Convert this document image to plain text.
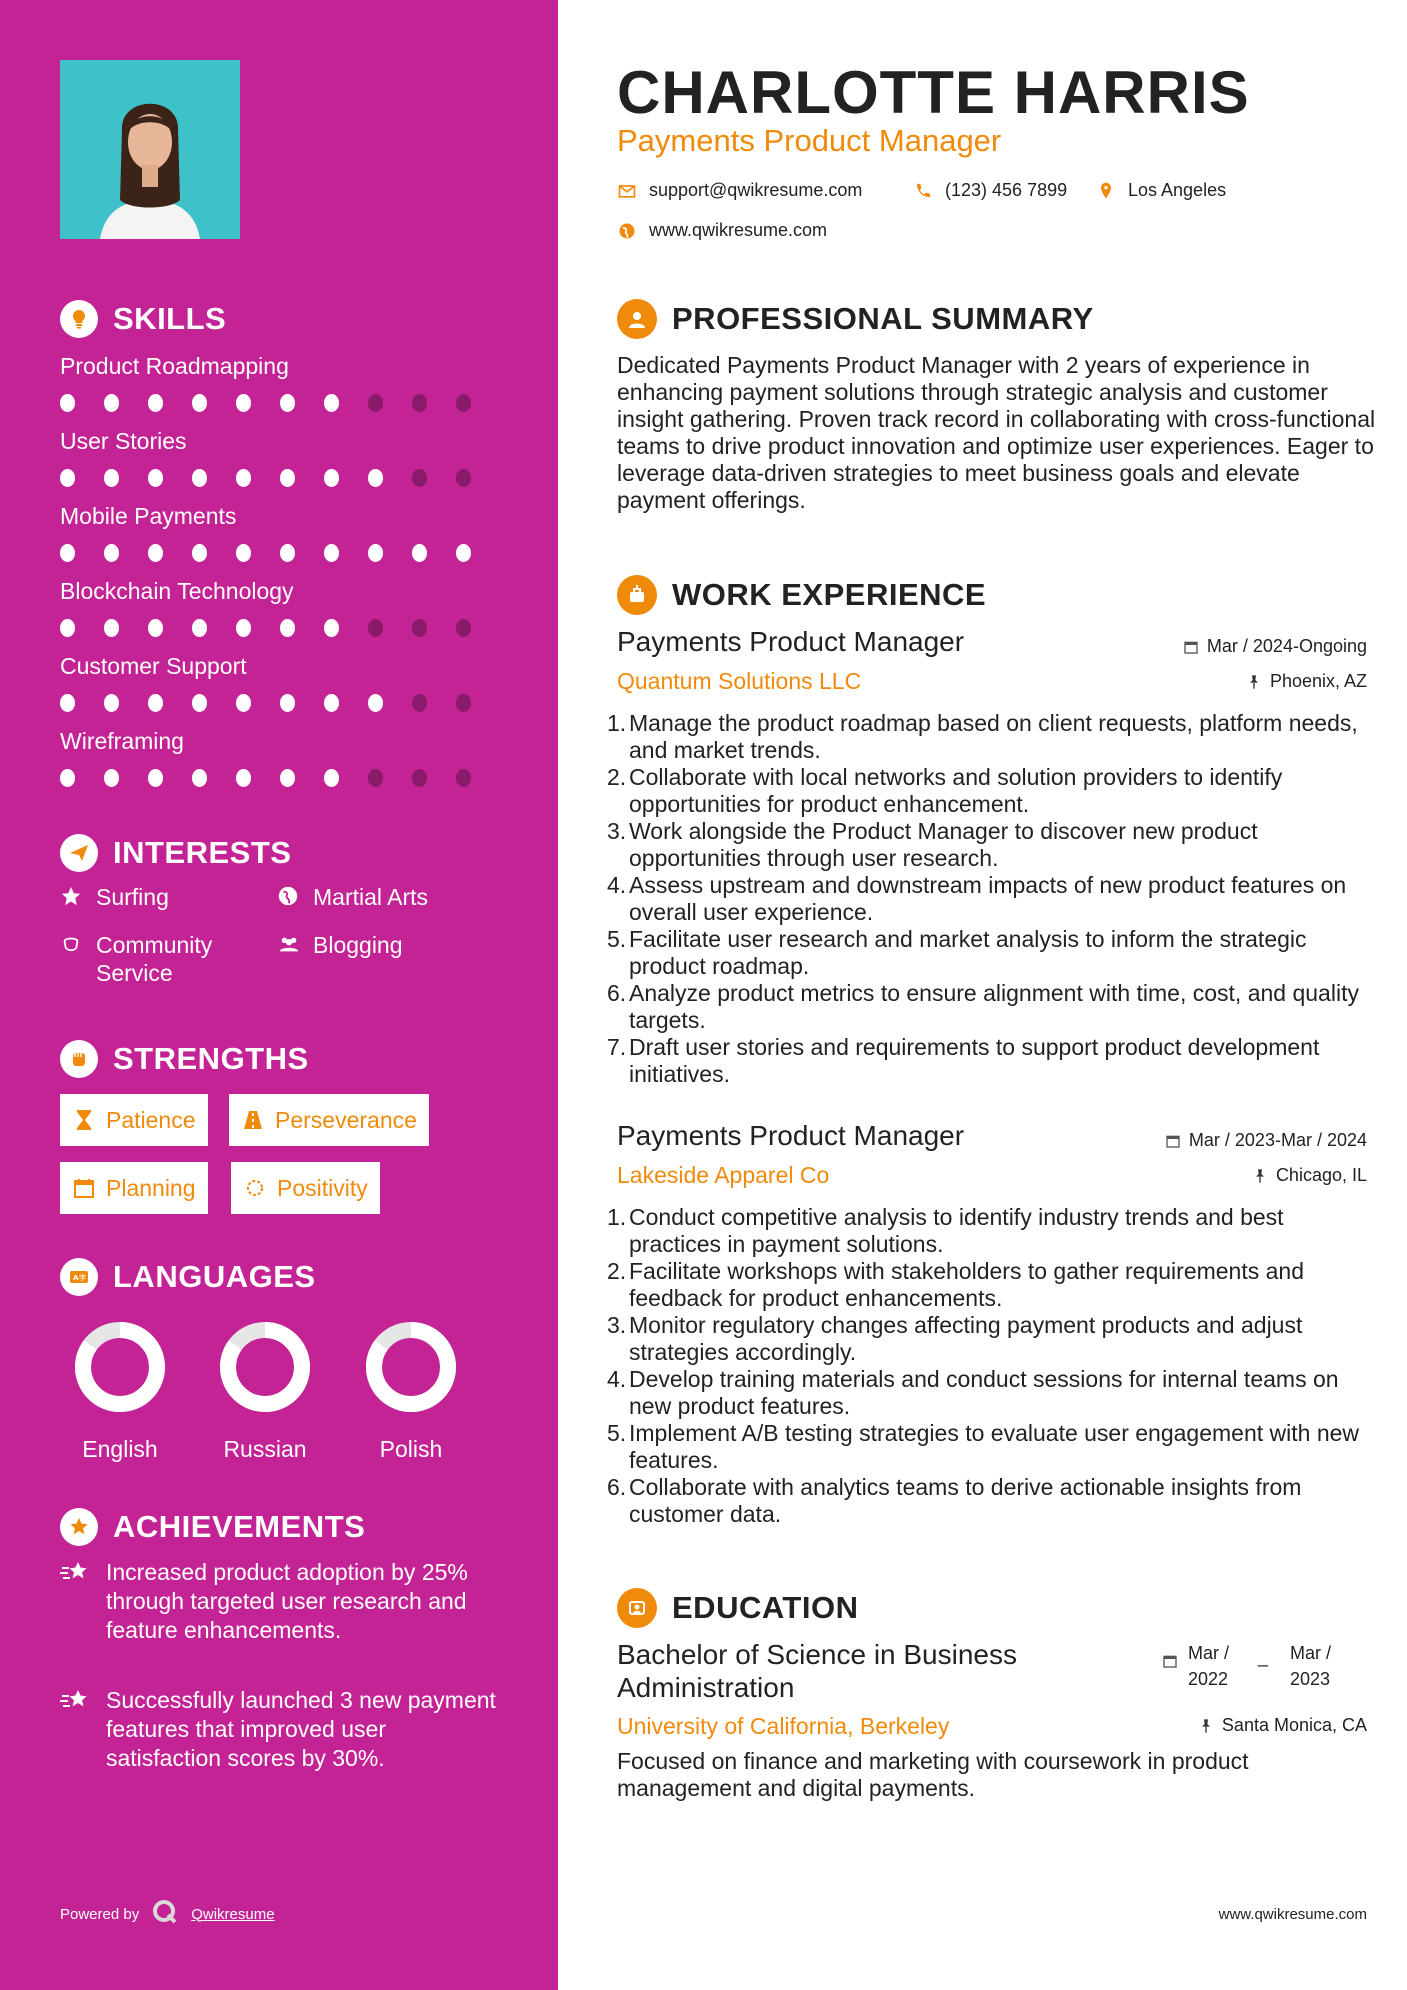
SKILLS
Product Roadmapping
User Stories
Mobile Payments
Blockchain Technology
Customer Support
Wireframing
INTERESTS
Surfing	Martial Arts
Community Service
Blogging
STRENGTHS
Patience	Perseverance
Planning	Positivity
A字 LANGUAGES
English	Russian	Polish
ACHIEVEMENTS
Increased product adoption by 25% through targeted user research and feature enhancements.
Successfully launched 3 new payment features that improved user satisfaction scores by 30%.
Powered by	Qwikresume
CHARLOTTE HARRIS
Payments Product Manager
support@qwikresume.com	(123) 456 7899	Los Angeles
www.qwikresume.com
PROFESSIONAL SUMMARY
Dedicated Payments Product Manager with 2 years of experience in enhancing payment solutions through strategic analysis and customer insight gathering. Proven track record in collaborating with cross-functional teams to drive product innovation and optimize user experiences. Eager to leverage data-driven strategies to meet business goals and elevate payment offerings.
WORK EXPERIENCE
Payments Product Manager
Quantum Solutions LLC
Mar / 2024-Ongoing
Phoenix, AZ
1. Manage the product roadmap based on client requests, platform needs, and market trends.
2. Collaborate with local networks and solution providers to identify opportunities for product enhancement.
3. Work alongside the Product Manager to discover new product opportunities through user research.
4. Assess upstream and downstream impacts of new product features on overall user experience.
5. Facilitate user research and market analysis to inform the strategic product roadmap.
6. Analyze product metrics to ensure alignment with time, cost, and quality targets.
7. Draft user stories and requirements to support product development initiatives.
Payments Product Manager
Lakeside Apparel Co
Mar / 2023-Mar / 2024
Chicago, IL
1. Conduct competitive analysis to identify industry trends and best practices in payment solutions.
2. Facilitate workshops with stakeholders to gather requirements and feedback for product enhancements.
3. Monitor regulatory changes affecting payment products and adjust strategies accordingly.
4. Develop training materials and conduct sessions for internal teams on new product features.
5. Implement A/B testing strategies to evaluate user engagement with new features.
6. Collaborate with analytics teams to derive actionable insights from customer data.
EDUCATION
Bachelor of Science in Business
Administration
University of California, Berkeley
Mar / 2022
_	Mar / 2023
Santa Monica, CA
Focused on finance and marketing with coursework in product management and digital payments.
www.qwikresume.com
